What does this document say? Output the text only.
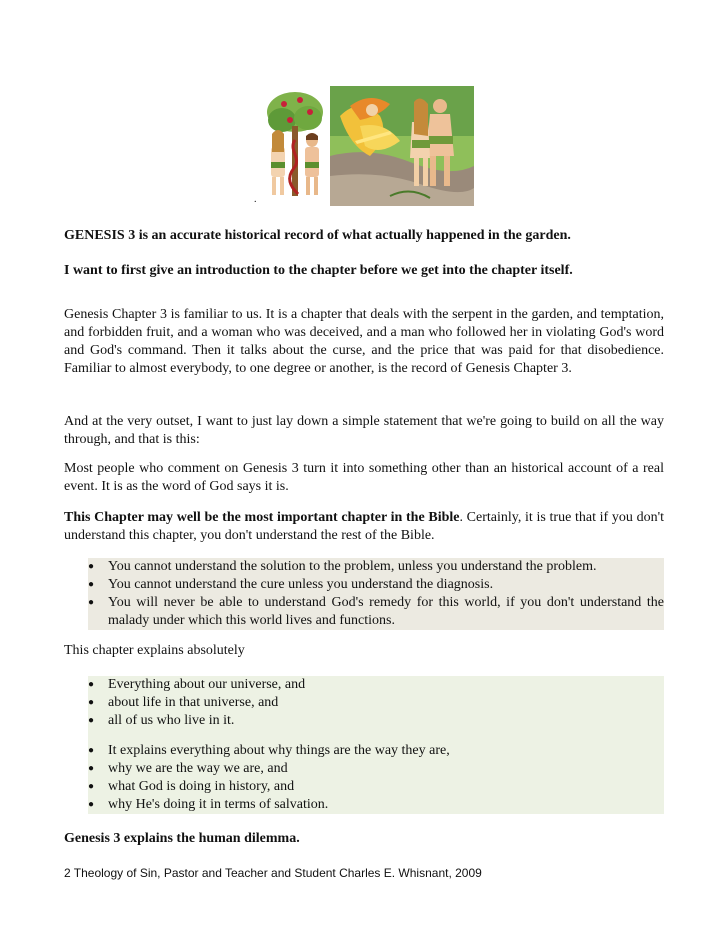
.

GENESIS 3 is an accurate historical record of what actually happened in the garden.

I want to first give an introduction to the chapter before we get into the chapter itself.

Genesis Chapter 3 is familiar to us. It is a chapter that deals with the serpent in the garden, and temptation, and forbidden fruit, and a woman who was deceived, and a man who followed her in violating God's word and God's command. Then it talks about the curse, and the price that was paid for that disobedience. Familiar to almost everybody, to one degree or another, is the record of Genesis Chapter 3.

And at the very outset, I want to just lay down a simple statement that we're going to build on all the way through, and that is this:

Most people who comment on Genesis 3 turn it into something other than an historical account of a real event. It is as the word of God says it is.

This Chapter may well be the most important chapter in the Bible. Certainly, it is true that if you don't understand this chapter, you don't understand the rest of the Bible.

● You cannot understand the solution to the problem, unless you understand the problem.
● You cannot understand the cure unless you understand the diagnosis.
● You will never be able to understand God's remedy for this world, if you don't understand the malady under which this world lives and functions.

This chapter explains absolutely

● Everything about our universe, and
● about life in that universe, and
● all of us who live in it.
● It explains everything about why things are the way they are,
● why we are the way we are, and
● what God is doing in history, and
● why He's doing it in terms of salvation.

Genesis 3 explains the human dilemma.

2 Theology of Sin, Pastor and Teacher and Student Charles E. Whisnant, 2009
